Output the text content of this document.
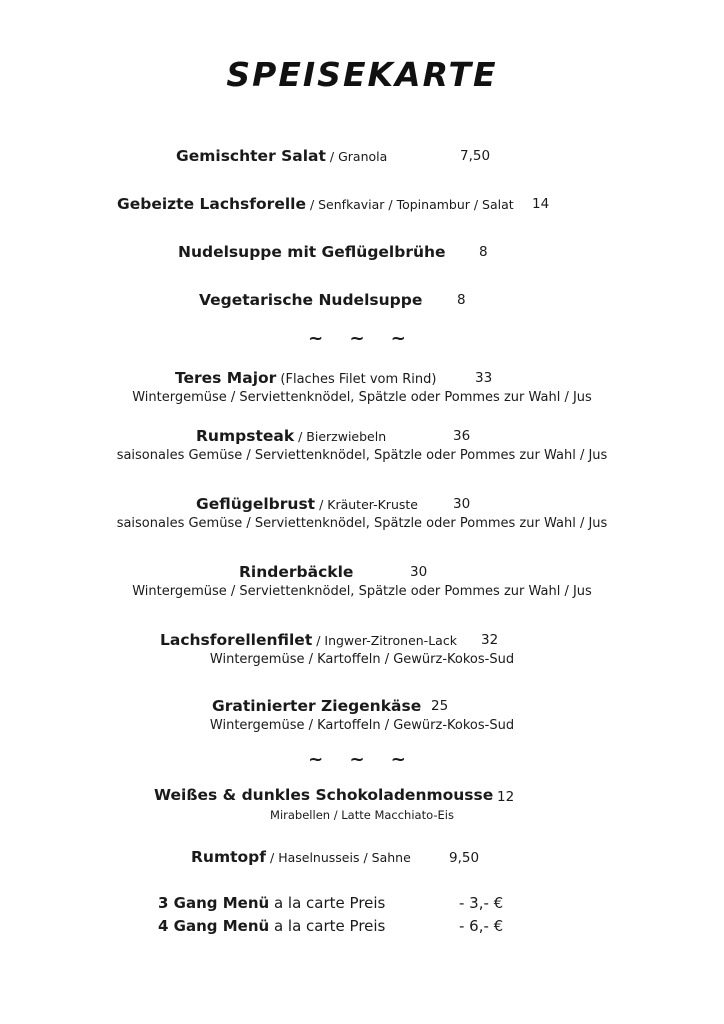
SPEISEKARTE
Gemischter Salat / Granola	7,50
Gebeizte Lachsforelle / Senfkaviar / Topinambur / Salat 14
Nudelsuppe mit Geflügelbrühe 8
Vegetarische Nudelsuppe	8
~ ~ ~
Teres Major (Flaches Filet vom Rind)	33
Wintergemüse / Serviettenknödel, Spätzle oder Pommes zur Wahl / Jus
Rumpsteak / Bierzwiebeln	36
saisonales Gemüse / Serviettenknödel, Spätzle oder Pommes zur Wahl / Jus
Geflügelbrust / Kräuter-Kruste	30
saisonales Gemüse / Serviettenknödel, Spätzle oder Pommes zur Wahl / Jus
Rinderbäckle	30
Wintergemüse / Serviettenknödel, Spätzle oder Pommes zur Wahl / Jus
Lachsforellenfilet / Ingwer-Zitronen-Lack 32
Wintergemüse / Kartoffeln / Gewürz-Kokos-Sud
Gratinierter Ziegenkäse 25
Wintergemüse / Kartoffeln / Gewürz-Kokos-Sud
~ ~ ~
Weißes & dunkles Schokoladenmousse 12
Mirabellen / Latte Macchiato-Eis
Rumtopf / Haselnusseis / Sahne	9,50
3 Gang Menü a la carte Preis	- 3,- €
4 Gang Menü a la carte Preis	- 6,- €
